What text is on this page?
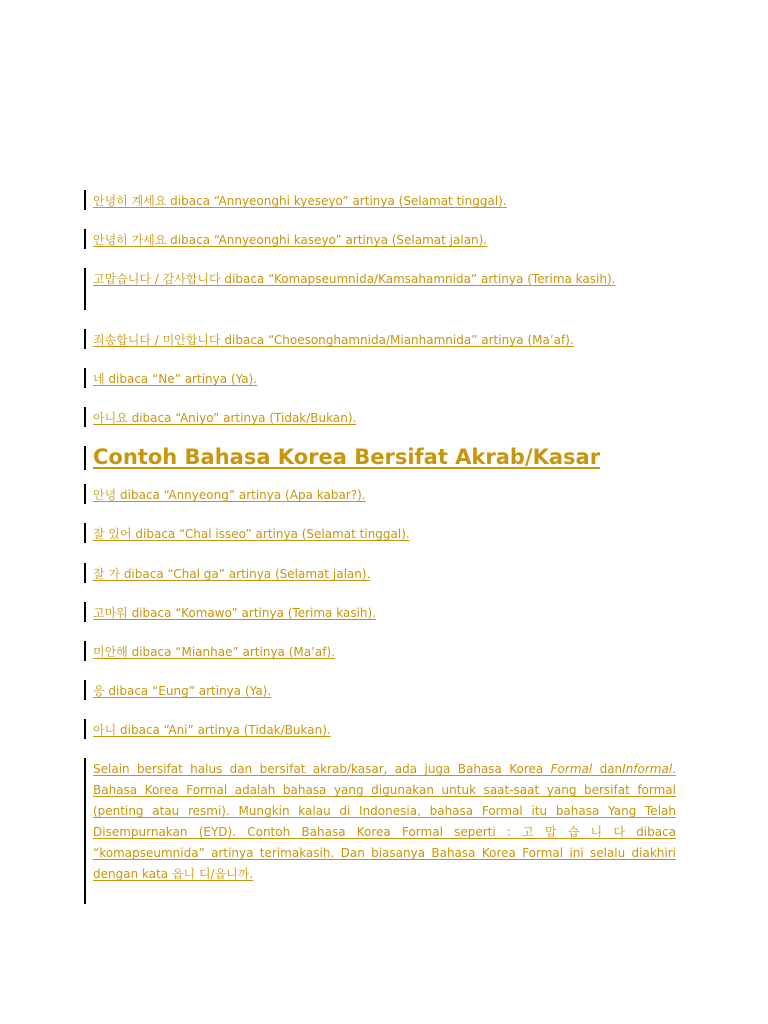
안녕히 계세요 dibaca “Annyeonghi kyeseyo” artinya (Selamat tinggal).
안녕히 가세요 dibaca “Annyeonghi kaseyo” artinya (Selamat jalan).
고맙습니다 / 감사합니다 dibaca “Komapseumnida/Kamsahamnida” artinya (Terima kasih).
죄송합니다 / 미안합니다 dibaca “Choesonghamnida/Mianhamnida” artinya (Ma’af).
네 dibaca “Ne” artinya (Ya).
아니요 dibaca “Aniyo” artinya (Tidak/Bukan).
Contoh Bahasa Korea Bersifat Akrab/Kasar
안녕 dibaca “Annyeong” artinya (Apa kabar?).
잘 있어 dibaca “Chal isseo” artinya (Selamat tinggal).
잘 가 dibaca “Chal ga” artinya (Selamat jalan).
고마워 dibaca “Komawo” artinya (Terima kasih).
미안해 dibaca “Mianhae” artinya (Ma’af).
응 dibaca “Eung” artinya (Ya).
아니 dibaca “Ani” artinya (Tidak/Bukan).
Selain bersifat halus dan bersifat akrab/kasar, ada juga Bahasa Korea Formal danInformal. Bahasa Korea Formal adalah bahasa yang digunakan untuk saat-saat yang bersifat formal (penting atau resmi). Mungkin kalau di Indonesia, bahasa Formal itu bahasa Yang Telah Disempurnakan (EYD). Contoh Bahasa Korea Formal seperti : 고 맙 습 니 다 dibaca “komapseumnida” artinya terimakasih. Dan biasanya Bahasa Korea Formal ini selalu diakhiri dengan kata 읍니 디/읍니까.
